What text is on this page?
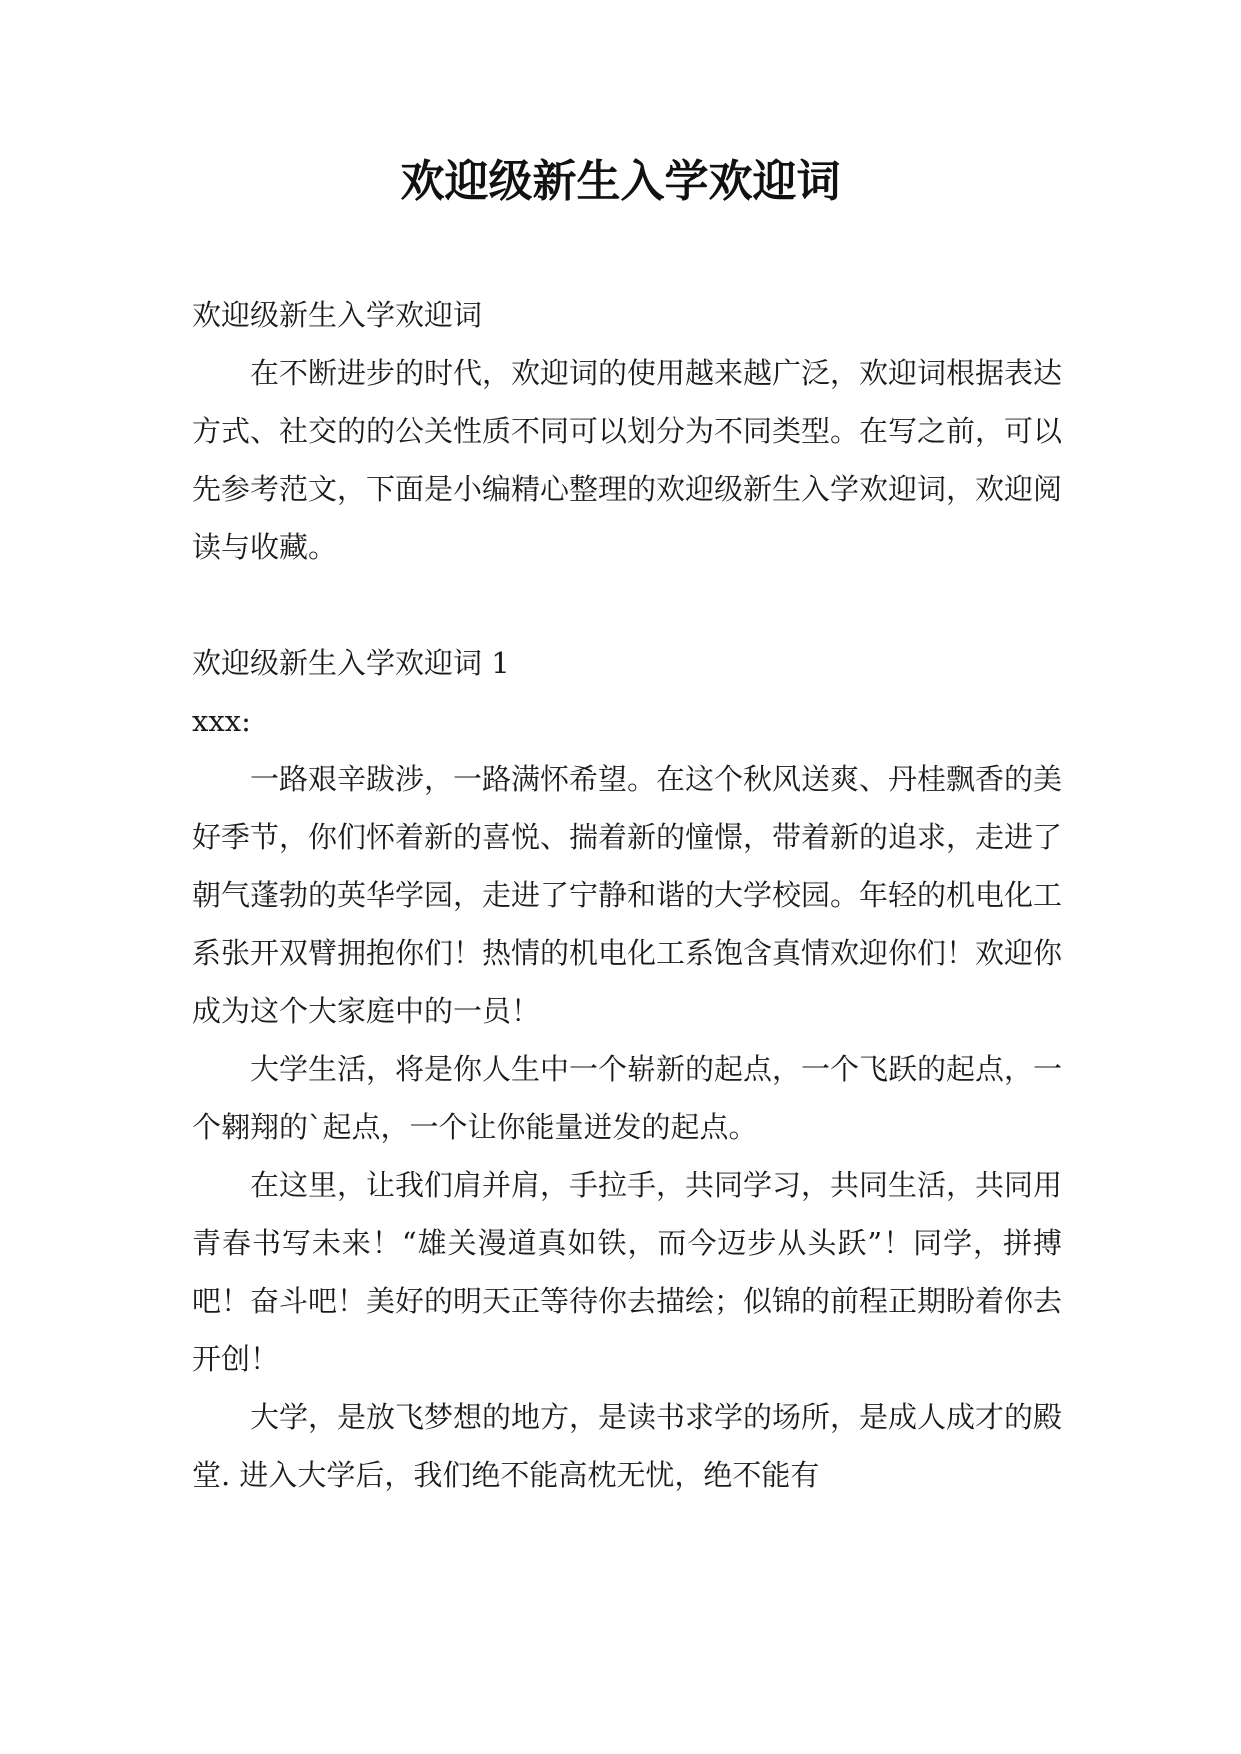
欢迎级新生入学欢迎词

欢迎级新生入学欢迎词

在不断进步的时代，欢迎词的使用越来越广泛，欢迎词根据表达方式、社交的的公关性质不同可以划分为不同类型。在写之前，可以先参考范文，下面是小编精心整理的欢迎级新生入学欢迎词，欢迎阅读与收藏。

欢迎级新生入学欢迎词 1

xxx:

一路艰辛跋涉，一路满怀希望。在这个秋风送爽、丹桂飘香的美好季节，你们怀着新的喜悦、揣着新的憧憬，带着新的追求，走进了朝气蓬勃的英华学园，走进了宁静和谐的大学校园。年轻的机电化工系张开双臂拥抱你们！热情的机电化工系饱含真情欢迎你们！欢迎你成为这个大家庭中的一员！

大学生活，将是你人生中一个崭新的起点，一个飞跃的起点，一个翱翔的`起点，一个让你能量迸发的起点。

在这里，让我们肩并肩，手拉手，共同学习，共同生活，共同用青春书写未来！“雄关漫道真如铁，而今迈步从头跃”！同学，拼搏吧！奋斗吧！美好的明天正等待你去描绘；似锦的前程正期盼着你去开创！

大学，是放飞梦想的地方，是读书求学的场所，是成人成才的殿堂. 进入大学后，我们绝不能高枕无忧，绝不能有
